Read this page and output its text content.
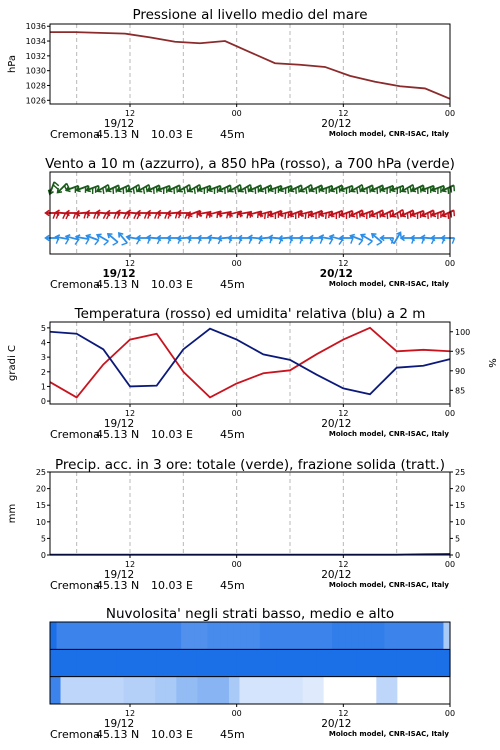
Pressione al livello medio del mare
12	00	12	00
19/12	20/12
Cremona
45.13 N 10.03 E 45m	Moloch model, CNR-ISAC, Italy
Vento a 10 m (azzurro), a 850 hPa (rosso), a 700 hPa (verde)
12	00	12	00
19/12	20/12
Cremona
45.13 N 10.03 E 45m	Moloch model, CNR-ISAC, Italy
Temperatura (rosso) ed umidita' relativa (blu) a 2 m
12	00	12	00
19/12	20/12
Cremona
45.13 N 10.03 E 45m	Moloch model, CNR-ISAC, Italy
Precip. acc. in 3 ore: totale (verde), frazione solida (tratt.)
12	00	12	00
19/12	20/12
Cremona
45.13 N 10.03 E 45m	Moloch model, CNR-ISAC, Italy
Nuvolosita' negli strati basso, medio e alto
12	00	12	00
19/12	20/12
Cremona
45.13 N 10.03 E 45m	Moloch model, CNR-ISAC, Italy
1026
1028
1030
1032
1034
1036
hPa
0
1
2
3
4
5
85
90
95
100
gradi C	%
0	0
5	5
10	10
15	15
20	20
25	25
mm
